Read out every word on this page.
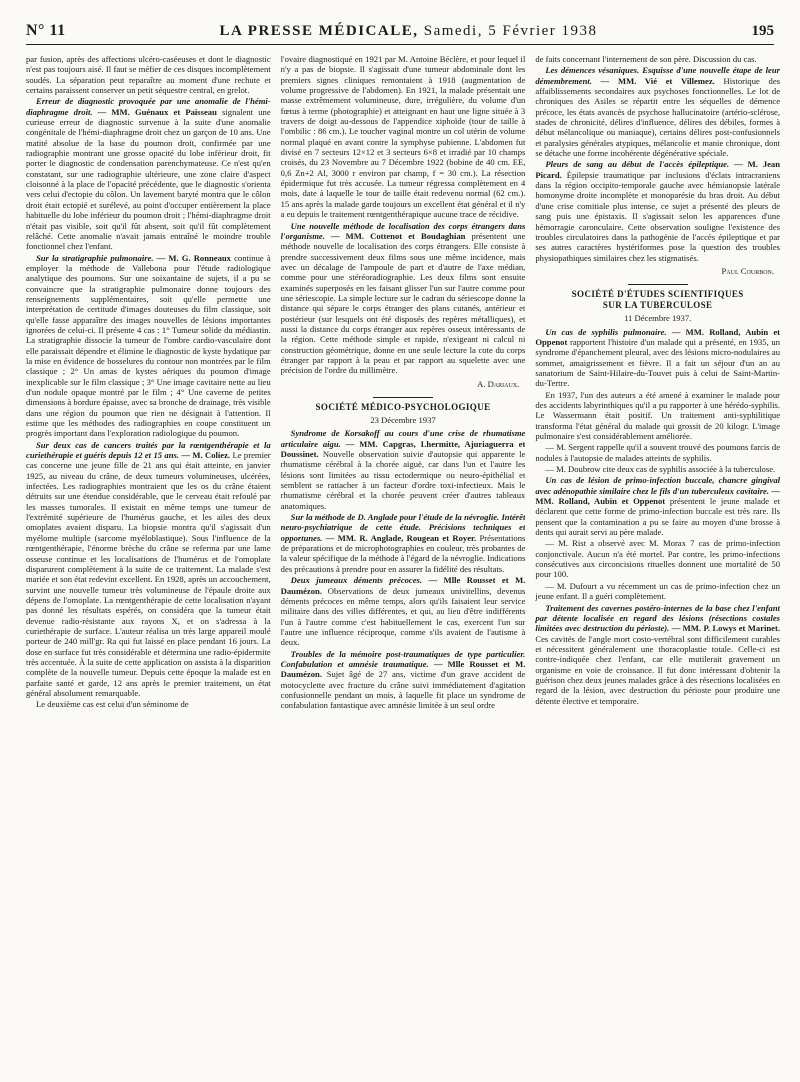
N° 11	LA PRESSE MÉDICALE, Samedi, 5 Février 1938	195

par fusion, après des affections ulcéro-caséeuses et dont le diagnostic n'est pas toujours aisé. Il faut se méfier de ces disques incomplètement soudés. La séparation peut reparaître au moment d'une rechute et certains paraissent conserver un petit séquestre central, en grelot.

Erreur de diagnostic provoquée par une anomalie de l'hémi-diaphragme droit. — MM. Guénaux et Paisseau signalent une curieuse erreur de diagnostic survenue à la suite d'une anomalie congénitale de l'hémi-diaphragme droit chez un garçon de 10 ans. Une matité absolue de la base du poumon droit, confirmée par une radiographie montrant une grosse opacité du lobe inférieur droit, fit porter le diagnostic de condensation parenchymateuse. Ce n'est qu'en constatant, sur une radiographie ultérieure, une zone claire d'aspect cloisonné à la place de l'opacité précédente, que le diagnostic s'orienta vers celui d'ectopie du côlon. Un lavement baryté montra que le côlon droit était ectopié et surélevé, au point d'occuper entièrement la place habituelle du lobe inférieur du poumon droit ; l'hémi-diaphragme droit n'était pas visible, soit qu'il fût absent, soit qu'il fût complètement relâché. Cette anomalie n'avait jamais entraîné le moindre trouble fonctionnel chez l'enfant.

Sur la stratigraphie pulmonaire. — M. G. Ronneaux continue à employer la méthode de Vallebona pour l'étude radiologique analytique des poumons. Sur une soixantaine de sujets, il a pu se convaincre que la stratigraphie pulmonaire donne toujours des renseignements supplémentaires, soit qu'elle permette une interprétation de certitude d'images douteuses du film classique, soit qu'elle fasse apparaître des images nouvelles de lésions importantes ignorées de celui-ci. Il présente 4 cas : 1° Tumeur solide du médiastin. La stratigraphie dissocie la tumeur de l'ombre cardio-vasculaire dont elle paraissait dépendre et élimine le diagnostic de kyste hydatique par la mise en évidence de bosselures du contour non montrées par le film classique ; 2° Un amas de kystes aériques du poumon d'image inexplicable sur le film classique ; 3° Une image cavitaire nette au lieu d'un nodule opaque montré par le film ; 4° Une caverne de petites dimensions à bordure épaisse, avec sa bronche de drainage, très visible dans une région du poumon que rien ne désignait à l'attention. Il estime que les méthodes des radiographies en coupe constituent un progrès important dans l'exploration radiologique du poumon.

Sur deux cas de cancers traités par la rœntgenthérapie et la curiethérapie et guéris depuis 12 et 15 ans. — M. Coliez. Le premier cas concerne une jeune fille de 21 ans qui était atteinte, en janvier 1925, au niveau du crâne, de deux tumeurs volumineuses, ulcérées, infectées. Les radiographies montraient que les os du crâne étaient détruits sur une étendue considérable, que le cerveau était refoulé par les masses tumorales. Il existait en même temps une tumeur de l'extrémité supérieure de l'humérus gauche, et les ailes des deux omoplates avaient disparu. La biopsie montra qu'il s'agissait d'un myélome multiple (sarcome myéloblastique). Sous l'influence de la rœntgenthérapie, l'énorme brèche du crâne se referma par une lame osseuse continue et les localisations de l'humérus et de l'omoplate disparurent complètement à la suite de ce traitement. La malade s'est mariée et son état redevint excellent. En 1928, après un accouchement, survint une nouvelle tumeur très volumineuse de l'épaule droite aux dépens de l'omoplate. La rœntgenthérapie de cette localisation n'ayant pas donné les résultats espérés, on considéra que la tumeur était devenue radio-résistante aux rayons X, et on s'adressa à la curiethérapie de surface. L'auteur réalisa un très large appareil moulé porteur de 240 mill'gr. Ra qui fut laissé en place pendant 16 jours. La dose en surface fut très considérable et détermina une radio-épidermite très accentuée. À la suite de cette application on assista à la disparition complète de la nouvelle tumeur. Depuis cette époque la malade est en parfaite santé et garde, 12 ans après le premier traitement, un état général absolument remarquable.

Le deuxième cas est celui d'un séminome de

l'ovaire diagnostiqué en 1921 par M. Antoine Béclère, et pour lequel il n'y a pas de biopsie. Il s'agissait d'une tumeur abdominale dont les premiers signes cliniques remontaient à 1918 (augmentation de volume progressive de l'abdomen). En 1921, la malade présentait une masse extrêmement volumineuse, dure, irrégulière, du volume d'un fœtus à terme (photographie) et atteignant en haut une ligne située à 3 travers de doigt au-dessous de l'appendice xiphoïde (tour de taille à l'ombilic : 86 cm.). Le toucher vaginal montre un col utérin de volume normal plaqué en avant contre la symphyse pubienne. L'abdomen fut divisé en 7 secteurs 12×12 et 3 secteurs 6×8 et irradié par 10 champs croisés, du 23 Novembre au 7 Décembre 1922 (bobine de 40 cm. EE, 0,6 Zn+2 Al, 3000 r environ par champ, f = 30 cm.). La résection épidermique fut très accusée. La tumeur régressa complètement en 4 mois, date à laquelle le tour de taille était redevenu normal (62 cm.). 15 ans après la malade garde toujours un excellent état général et il n'y a eu depuis le traitement rœntgenthérapique aucune trace de récidive.

Une nouvelle méthode de localisation des corps étrangers dans l'organisme. — MM. Cottenot et Boudaghian présentent une méthode nouvelle de localisation des corps étrangers. Elle consiste à prendre successivement deux films sous une même incidence, mais avec un décalage de l'ampoule de part et d'autre de l'axe médian, comme pour une stéréoradiographie. Les deux films sont ensuite examinés superposés en les faisant glisser l'un sur l'autre comme pour une sériescopie. La simple lecture sur le cadran du sériescope donne la distance qui sépare le corps étranger des plans cutanés, antérieur et postérieur (sur lesquels ont été disposés des repères métalliques), et aussi la distance du corps étranger aux repères osseux intéressants de la région. Cette méthode simple et rapide, n'exigeant ni calcul ni construction géométrique, donne en une seule lecture la cote du corps étranger par rapport à la peau et par rapport au squelette avec une précision de l'ordre du millimètre.

A. Dariaux.

SOCIÉTÉ MÉDICO-PSYCHOLOGIQUE
23 Décembre 1937

Syndrome de Korsakoff au cours d'une crise de rhumatisme articulaire aigu. — MM. Capgras, Lhermitte, Ajuriaguerra et Doussinet. Nouvelle observation suivie d'autopsie qui apparente le rhumatisme cérébral à la chorée aiguë, car dans l'un et l'autre les lésions sont limitées au tissu ectodermique ou neuro-épithélial et semblent se rattacher à un facteur d'ordre toxi-infectieux. Mais le rhumatisme cérébral et la chorée peuvent créer d'autres tableaux anatomiques.

Sur la méthode de D. Anglade pour l'étude de la névroglie. Intérêt neuro-psychiatrique de cette étude. Précisions techniques et opportunes. — MM. R. Anglade, Rougean et Royer. Présentations de préparations et de microphotographies en couleur, très probantes de la valeur spécifique de la méthode à l'égard de la névroglie. Indications des précautions à prendre pour en assurer la fidélité des résultats.

Deux jumeaux déments précoces. — Mlle Rousset et M. Daumézon. Observations de deux jumeaux univitellins, devenus déments précoces en même temps, alors qu'ils faisaient leur service militaire dans des villes différentes, et qui, au lieu d'être indifférents l'un à l'autre comme c'est habituellement le cas, exercent l'un sur l'autre une influence réciproque, comme s'ils avaient de l'autisme à deux.

Troubles de la mémoire post-traumatiques de type particulier. Confabulation et amnésie traumatique. — Mlle Rousset et M. Daumézon. Sujet âgé de 27 ans, victime d'un grave accident de motocyclette avec fracture du crâne suivi immédiatement d'agitation confusionnelle pendant un mois, à laquelle fit place un syndrome de confabulation fantastique avec amnésie limitée à un seul ordre

de faits concernant l'internement de son père. Discussion du cas.

Les démences vésaniques. Esquisse d'une nouvelle étape de leur démembrement. — MM. Vié et Villemez. Historique des affaiblissements secondaires aux psychoses fonctionnelles. Le lot de chroniques des Asiles se répartit entre les séquelles de démence précoce, les états avancés de psychose hallucinatoire (artério-sclérose, stades de chronicité, délires d'influence, délires des débiles, formes à début mélancolique ou maniaque), certains délires post-confusionnels et paralysies générales atypiques, mélancolie et manie chronique, dont se détache une forme incohérente dégénérative spéciale.

Pleurs de sang au début de l'accès épileptique. — M. Jean Picard. Épilepsie traumatique par inclusions d'éclats intracraniens dans la région occipito-temporale gauche avec hémianopsie latérale homonyme droite incomplète et monoparésie du bras droit. Au début d'une crise comitiale plus intense, ce sujet a présenté des pleurs de sang puis une épistaxis. Il s'agissait selon les apparences d'une hémorragie caronculaire. Cette observation souligne l'existence des troubles circulatoires dans la pathogénie de l'accès épileptique et par ses autres caractères hystériformes pose la question des troubles physiopathiques similaires chez les stigmatisés.

Paul Courbon.

SOCIÉTÉ D'ÉTUDES SCIENTIFIQUES
SUR LA TUBERCULOSE
11 Décembre 1937.

Un cas de syphilis pulmonaire. — MM. Rolland, Aubin et Oppenot rapportent l'histoire d'un malade qui a présenté, en 1935, un syndrome d'épanchement pleural, avec des lésions micro-nodulaires au sommet, amaigrissement et fièvre. Il a fait un séjour d'un an au sanatorium de Saint-Hilaire-du-Touvet puis à celui de Saint-Martin-du-Tertre.

En 1937, l'un des auteurs a été amené à examiner le malade pour des accidents labyrinthiques qu'il a pu rapporter à une hérédo-syphilis. Le Wassermann était positif. Un traitement anti-syphilitique transforma l'état général du malade qui grossit de 20 kilogr. L'image pulmonaire s'est considérablement améliorée.

— M. Sergent rappelle qu'il a souvent trouvé des poumons farcis de nodules à l'autopsie de malades atteints de syphilis.

— M. Doubrow cite deux cas de syphilis associée à la tuberculose.

Un cas de lésion de primo-infection buccale, chancre gingival avec adénopathie similaire chez le fils d'un tuberculeux cavitaire. — MM. Rolland, Aubin et Oppenot présentent le jeune malade et déclarent que cette forme de primo-infection buccale est très rare. Ils pensent que la contamination a pu se faire au moyen d'une brosse à dents qui aurait servi au père malade.

— M. Rist a observé avec M. Morax 7 cas de primo-infection conjonctivale. Aucun n'a été mortel. Par contre, les primo-infections consécutives aux circoncisions rituelles donnent une mortalité de 50 pour 100.

— M. Dufourt a vu récemment un cas de primo-infection chez un jeune enfant. Il a guéri complètement.

Traitement des cavernes postéro-internes de la base chez l'enfant par détente localisée en regard des lésions (résections costales limitées avec destruction du périoste). — MM. P. Lowys et Marinet. Ces cavités de l'angle mort costo-vertébral sont difficilement curables et nécessitent généralement une thoracoplastie totale. Celle-ci est contre-indiquée chez l'enfant, car elle mutilerait gravement un organisme en voie de croissance. Il fut donc intéressant d'obtenir la guérison chez deux jeunes malades grâce à des résections localisées en regard de la lésion, avec destruction du périoste pour produire une détente élective et temporaire.
